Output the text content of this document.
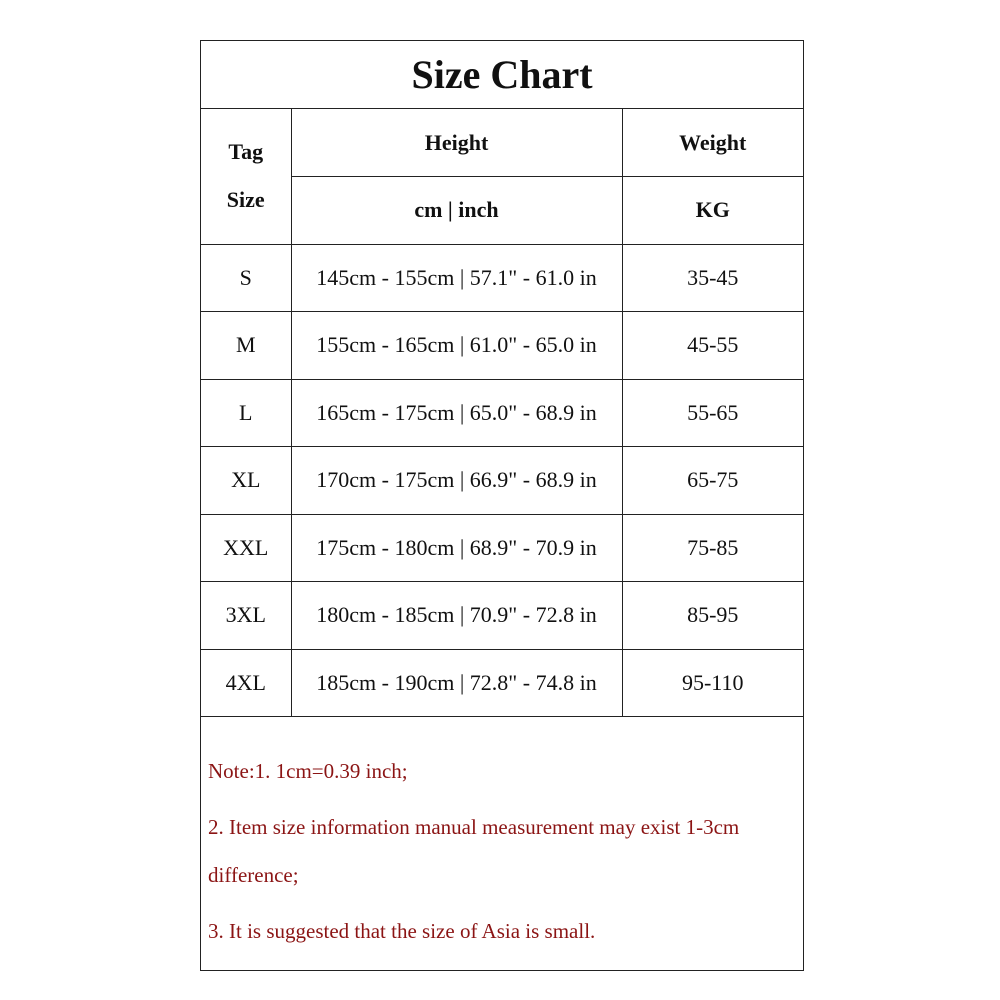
Size Chart
Tag
Size	Height	Weight
	cm | inch	KG
S	145cm - 155cm | 57.1" - 61.0 in	35-45
M	155cm - 165cm | 61.0" - 65.0 in	45-55
L	165cm - 175cm | 65.0" - 68.9 in	55-65
XL	170cm - 175cm | 66.9" - 68.9 in	65-75
XXL	175cm - 180cm | 68.9" - 70.9 in	75-85
3XL	180cm - 185cm | 70.9" - 72.8 in	85-95
4XL	185cm - 190cm | 72.8" - 74.8 in	95-110
Note:1. 1cm=0.39 inch;
2. Item size information manual measurement may exist 1-3cm
difference;
3. It is suggested that the size of Asia is small.
